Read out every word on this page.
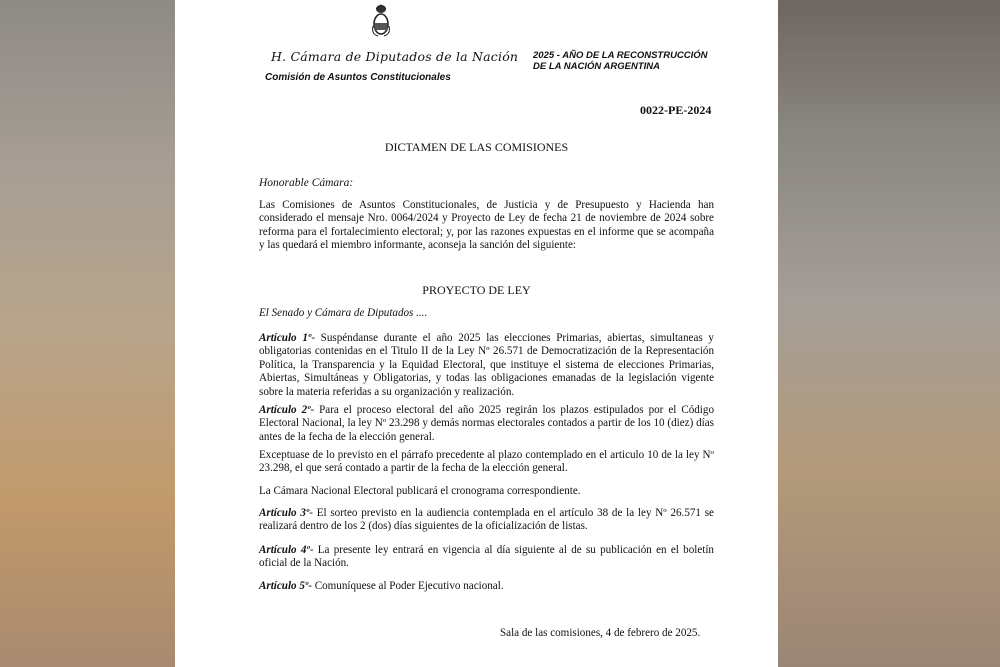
H. Cámara de Diputados de la Nación
Comisión de Asuntos Constitucionales
2025 - AÑO DE LA RECONSTRUCCIÓN
DE LA NACIÓN ARGENTINA
0022-PE-2024
DICTAMEN DE LAS COMISIONES
Honorable Cámara:

Las Comisiones de Asuntos Constitucionales, de Justicia y de Presupuesto y Hacienda han considerado el mensaje Nro. 0064/2024 y Proyecto de Ley de fecha 21 de noviembre de 2024 sobre reforma para el fortalecimiento electoral; y, por las razones expuestas en el informe que se acompaña y las quedará el miembro informante, aconseja la sanción del siguiente:

PROYECTO DE LEY
El Senado y Cámara de Diputados ....

Artículo 1º- Suspéndanse durante el año 2025 las elecciones Primarias, abiertas, simultaneas y obligatorias contenidas en el Titulo II de la Ley Nº 26.571 de Democratización de la Representación Política, la Transparencia y la Equidad Electoral, que instituye el sistema de elecciones Primarias, Abiertas, Simultáneas y Obligatorias, y todas las obligaciones emanadas de la legislación vigente sobre la materia referidas a su organización y realización.

Artículo 2º- Para el proceso electoral del año 2025 regirán los plazos estipulados por el Código Electoral Nacional, la ley Nº 23.298 y demás normas electorales contados a partir de los 10 (diez) días antes de la fecha de la elección general.

Exceptuase de lo previsto en el párrafo precedente al plazo contemplado en el articulo 10 de la ley Nº 23.298, el que será contado a partir de la fecha de la elección general.

La Cámara Nacional Electoral publicará el cronograma correspondiente.

Artículo 3º- El sorteo previsto en la audiencia contemplada en el artículo 38 de la ley Nº 26.571 se realizará dentro de los 2 (dos) días siguientes de la oficialización de listas.

Artículo 4º- La presente ley entrará en vigencia al día siguiente al de su publicación en el boletín oficial de la Nación.

Artículo 5º- Comuníquese al Poder Ejecutivo nacional.

Sala de las comisiones, 4 de febrero de 2025.
